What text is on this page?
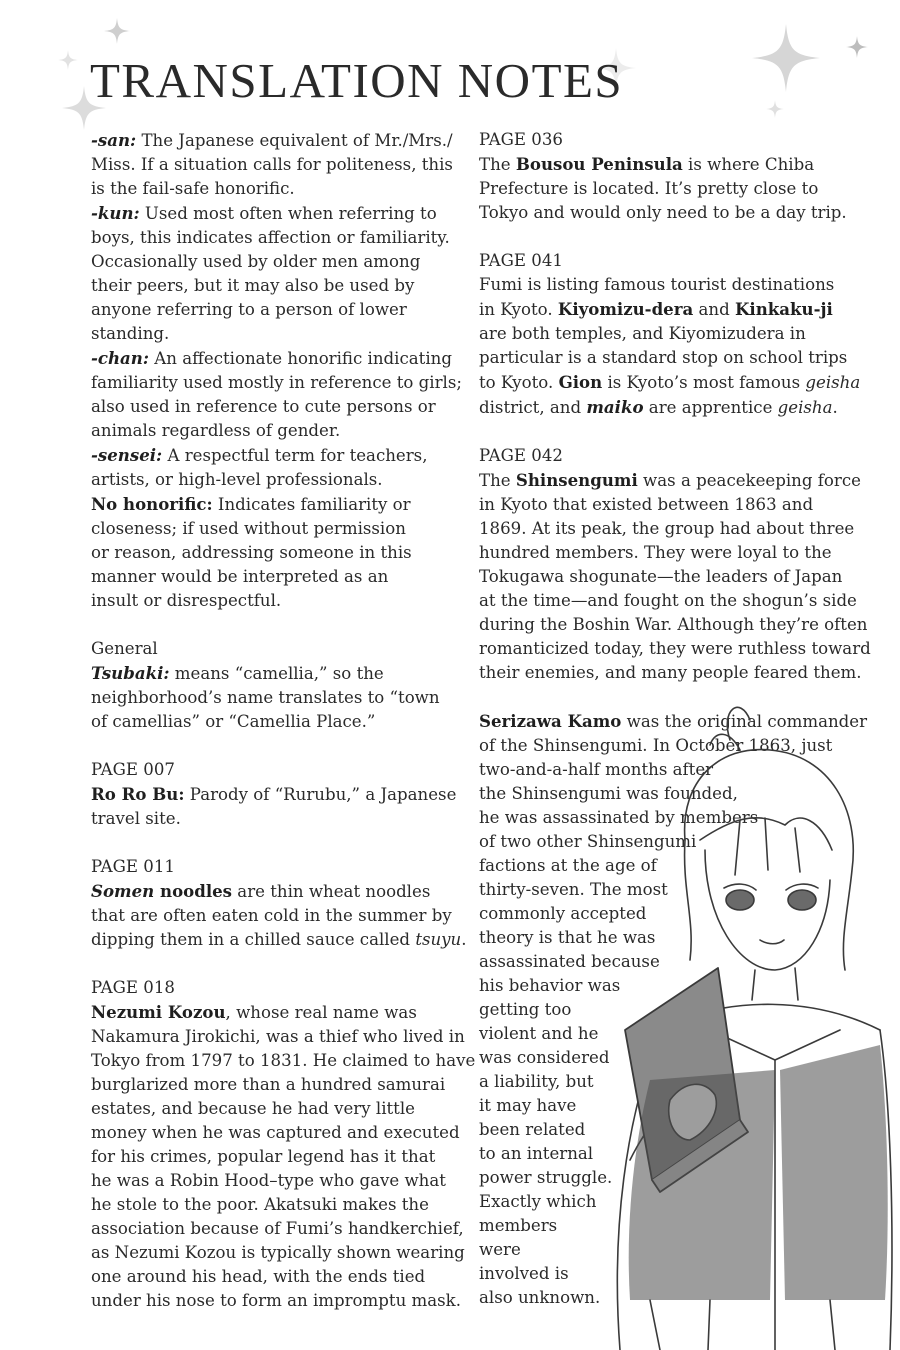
TRANSLATION NOTES
-san: The Japanese equivalent of Mr./Mrs./
Miss. If a situation calls for politeness, this
is the fail-safe honorific.
-kun: Used most often when referring to
boys, this indicates affection or familiarity.
Occasionally used by older men among
their peers, but it may also be used by
anyone referring to a person of lower
standing.
-chan: An affectionate honorific indicating
familiarity used mostly in reference to girls;
also used in reference to cute persons or
animals regardless of gender.
-sensei: A respectful term for teachers,
artists, or high-level professionals.
No honorific: Indicates familiarity or
closeness; if used without permission
or reason, addressing someone in this
manner would be interpreted as an
insult or disrespectful.
General
Tsubaki: means “camellia,” so the
neighborhood’s name translates to “town
of camellias” or “Camellia Place.”
PAGE 007
Ro Ro Bu: Parody of “Rurubu,” a Japanese
travel site.
PAGE 011
Somen noodles are thin wheat noodles
that are often eaten cold in the summer by
dipping them in a chilled sauce called tsuyu.
PAGE 018
Nezumi Kozou, whose real name was
Nakamura Jirokichi, was a thief who lived in
Tokyo from 1797 to 1831. He claimed to have
burglarized more than a hundred samurai
estates, and because he had very little
money when he was captured and executed
for his crimes, popular legend has it that
he was a Robin Hood–type who gave what
he stole to the poor. Akatsuki makes the
association because of Fumi’s handkerchief,
as Nezumi Kozou is typically shown wearing
one around his head, with the ends tied
under his nose to form an impromptu mask.
PAGE 036
The Bousou Peninsula is where Chiba
Prefecture is located. It’s pretty close to
Tokyo and would only need to be a day trip.
PAGE 041
Fumi is listing famous tourist destinations
in Kyoto. Kiyomizu-dera and Kinkaku-ji
are both temples, and Kiyomizudera in
particular is a standard stop on school trips
to Kyoto. Gion is Kyoto’s most famous geisha
district, and maiko are apprentice geisha.
PAGE 042
The Shinsengumi was a peacekeeping force
in Kyoto that existed between 1863 and
1869. At its peak, the group had about three
hundred members. They were loyal to the
Tokugawa shogunate—the leaders of Japan
at the time—and fought on the shogun’s side
during the Boshin War. Although they’re often
romanticized today, they were ruthless toward
their enemies, and many people feared them.
Serizawa Kamo was the original commander
of the Shinsengumi. In October 1863, just
two-and-a-half months after
the Shinsengumi was founded,
he was assassinated by members
of two other Shinsengumi
factions at the age of
thirty-seven. The most
commonly accepted
theory is that he was
assassinated because
his behavior was
getting too
violent and he
was considered
a liability, but
it may have
been related
to an internal
power struggle.
Exactly which
members
were
involved is
also unknown.
